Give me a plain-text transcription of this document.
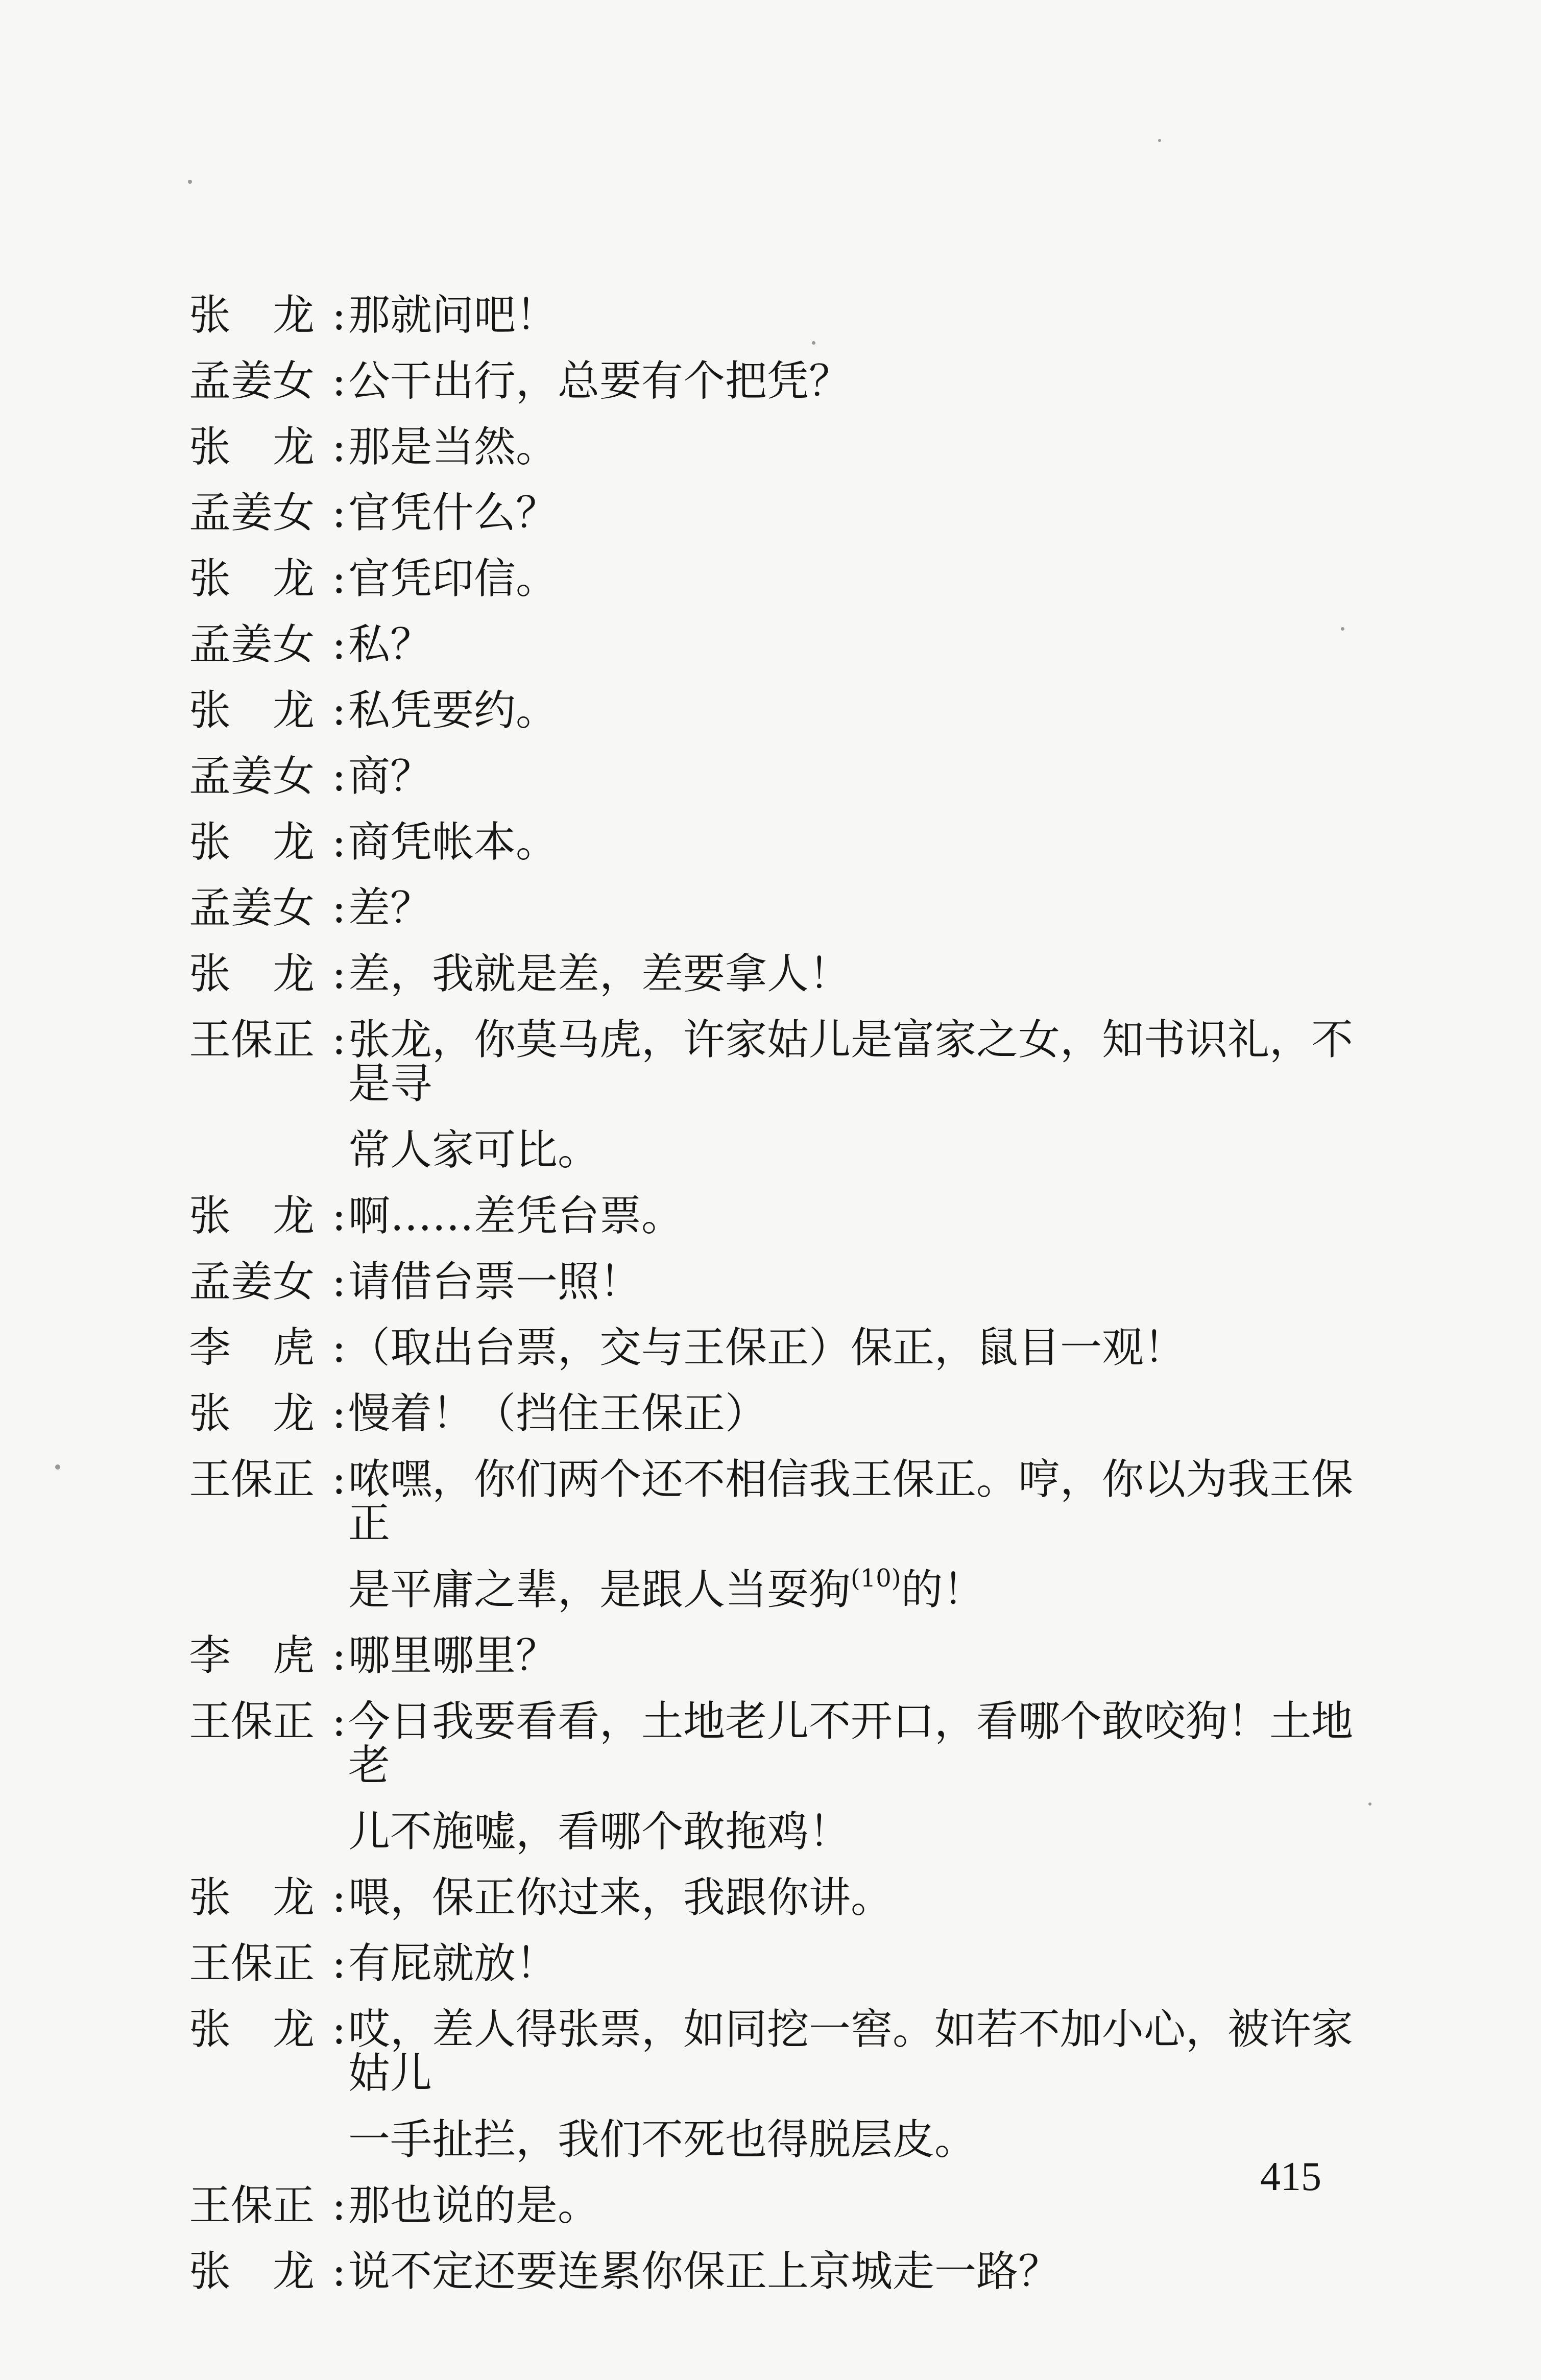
张　龙 : 那就问吧！
孟姜女 : 公干出行，总要有个把凭？
张　龙 : 那是当然。
孟姜女 : 官凭什么？
张　龙 : 官凭印信。
孟姜女 : 私？
张　龙 : 私凭要约。
孟姜女 : 商？
张　龙 : 商凭帐本。
孟姜女 : 差？
张　龙 : 差，我就是差，差要拿人！
王保正 : 张龙，你莫马虎，许家姑儿是富家之女，知书识礼，不是寻
常人家可比。
张　龙 : 啊……差凭台票。
孟姜女 : 请借台票一照！
李　虎 : （取出台票，交与王保正）保正，鼠目一观！
张　龙 : 慢着！（挡住王保正）
王保正 : 哝嘿，你们两个还不相信我王保正。哼，你以为我王保正
是平庸之辈，是跟人当耍狗$^{(10)}$的！
李　虎 : 哪里哪里？
王保正 : 今日我要看看，土地老儿不开口，看哪个敢咬狗！土地老
儿不施嘘，看哪个敢拖鸡！
张　龙 : 喂，保正你过来，我跟你讲。
王保正 : 有屁就放！
张　龙 : 哎，差人得张票，如同挖一窖。如若不加小心，被许家姑儿
一手扯拦，我们不死也得脱层皮。
王保正 : 那也说的是。
张　龙 : 说不定还要连累你保正上京城走一路？
415
